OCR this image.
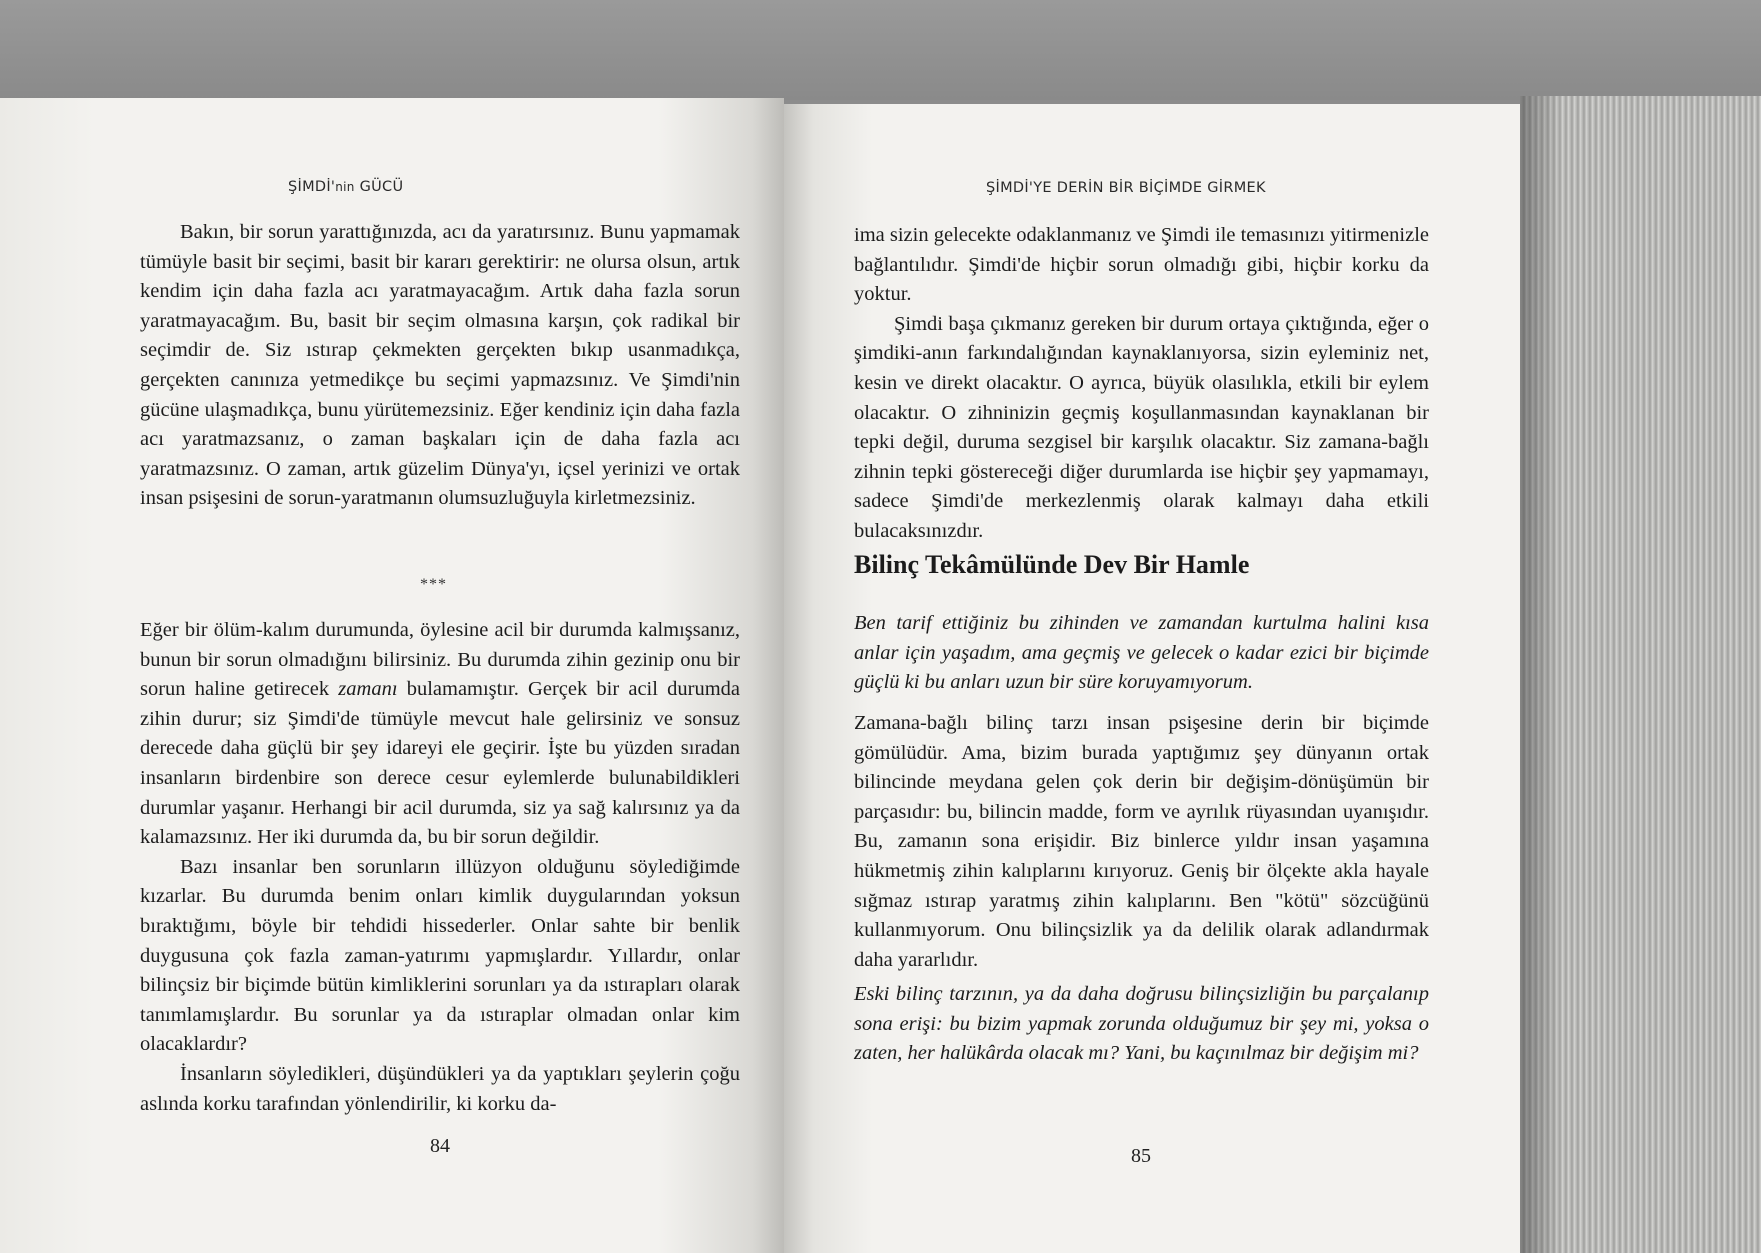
ŞİMDİ'nin GÜCÜ

Bakın, bir sorun yarattığınızda, acı da yaratırsınız. Bunu yapmamak tümüyle basit bir seçimi, basit bir kararı gerektirir: ne olursa olsun, artık kendim için daha fazla acı yaratmayacağım. Artık daha fazla sorun yaratmayacağım. Bu, basit bir seçim olmasına karşın, çok radikal bir seçimdir de. Siz ıstırap çekmekten gerçekten bıkıp usanmadıkça, gerçekten canınıza yetmedikçe bu seçimi yapmazsınız. Ve Şimdi'nin gücüne ulaşmadıkça, bunu yürütemezsiniz. Eğer kendiniz için daha fazla acı yaratmazsanız, o zaman başkaları için de daha fazla acı yaratmazsınız. O zaman, artık güzelim Dünya'yı, içsel yerinizi ve ortak insan psişesini de sorun-yaratmanın olumsuzluğuyla kirletmezsiniz.

***

Eğer bir ölüm-kalım durumunda, öylesine acil bir durumda kalmışsanız, bunun bir sorun olmadığını bilirsiniz. Bu durumda zihin gezinip onu bir sorun haline getirecek zamanı bulamamıştır. Gerçek bir acil durumda zihin durur; siz Şimdi'de tümüyle mevcut hale gelirsiniz ve sonsuz derecede daha güçlü bir şey idareyi ele geçirir. İşte bu yüzden sıradan insanların birdenbire son derece cesur eylemlerde bulunabildikleri durumlar yaşanır. Herhangi bir acil durumda, siz ya sağ kalırsınız ya da kalamazsınız. Her iki durumda da, bu bir sorun değildir.

Bazı insanlar ben sorunların illüzyon olduğunu söylediğimde kızarlar. Bu durumda benim onları kimlik duygularından yoksun bıraktığımı, böyle bir tehdidi hissederler. Onlar sahte bir benlik duygusuna çok fazla zaman-yatırımı yapmışlardır. Yıllardır, onlar bilinçsiz bir biçimde bütün kimliklerini sorunları ya da ıstırapları olarak tanımlamışlardır. Bu sorunlar ya da ıstıraplar olmadan onlar kim olacaklardır?

İnsanların söyledikleri, düşündükleri ya da yaptıkları şeylerin çoğu aslında korku tarafından yönlendirilir, ki korku da-

84
ŞİMDİ'YE DERİN BİR BİÇİMDE GİRMEK

ima sizin gelecekte odaklanmanız ve Şimdi ile temasınızı yitirmenizle bağlantılıdır. Şimdi'de hiçbir sorun olmadığı gibi, hiçbir korku da yoktur.

Şimdi başa çıkmanız gereken bir durum ortaya çıktığında, eğer o şimdiki-anın farkındalığından kaynaklanıyorsa, sizin eyleminiz net, kesin ve direkt olacaktır. O ayrıca, büyük olasılıkla, etkili bir eylem olacaktır. O zihninizin geçmiş koşullanmasından kaynaklanan bir tepki değil, duruma sezgisel bir karşılık olacaktır. Siz zamana-bağlı zihnin tepki göstereceği diğer durumlarda ise hiçbir şey yapmamayı, sadece Şimdi'de merkezlenmiş olarak kalmayı daha etkili bulacaksınızdır.

Bilinç Tekâmülünde Dev Bir Hamle

Ben tarif ettiğiniz bu zihinden ve zamandan kurtulma halini kısa anlar için yaşadım, ama geçmiş ve gelecek o kadar ezici bir biçimde güçlü ki bu anları uzun bir süre koruyamıyorum.

Zamana-bağlı bilinç tarzı insan psişesine derin bir biçimde gömülüdür. Ama, bizim burada yaptığımız şey dünyanın ortak bilincinde meydana gelen çok derin bir değişim-dönüşümün bir parçasıdır: bu, bilincin madde, form ve ayrılık rüyasından uyanışıdır. Bu, zamanın sona erişidir. Biz binlerce yıldır insan yaşamına hükmetmiş zihin kalıplarını kırıyoruz. Geniş bir ölçekte akla hayale sığmaz ıstırap yaratmış zihin kalıplarını. Ben "kötü" sözcüğünü kullanmıyorum. Onu bilinçsizlik ya da delilik olarak adlandırmak daha yararlıdır.

Eski bilinç tarzının, ya da daha doğrusu bilinçsizliğin bu parçalanıp sona erişi: bu bizim yapmak zorunda olduğumuz bir şey mi, yoksa o zaten, her halükârda olacak mı? Yani, bu kaçınılmaz bir değişim mi?

85
